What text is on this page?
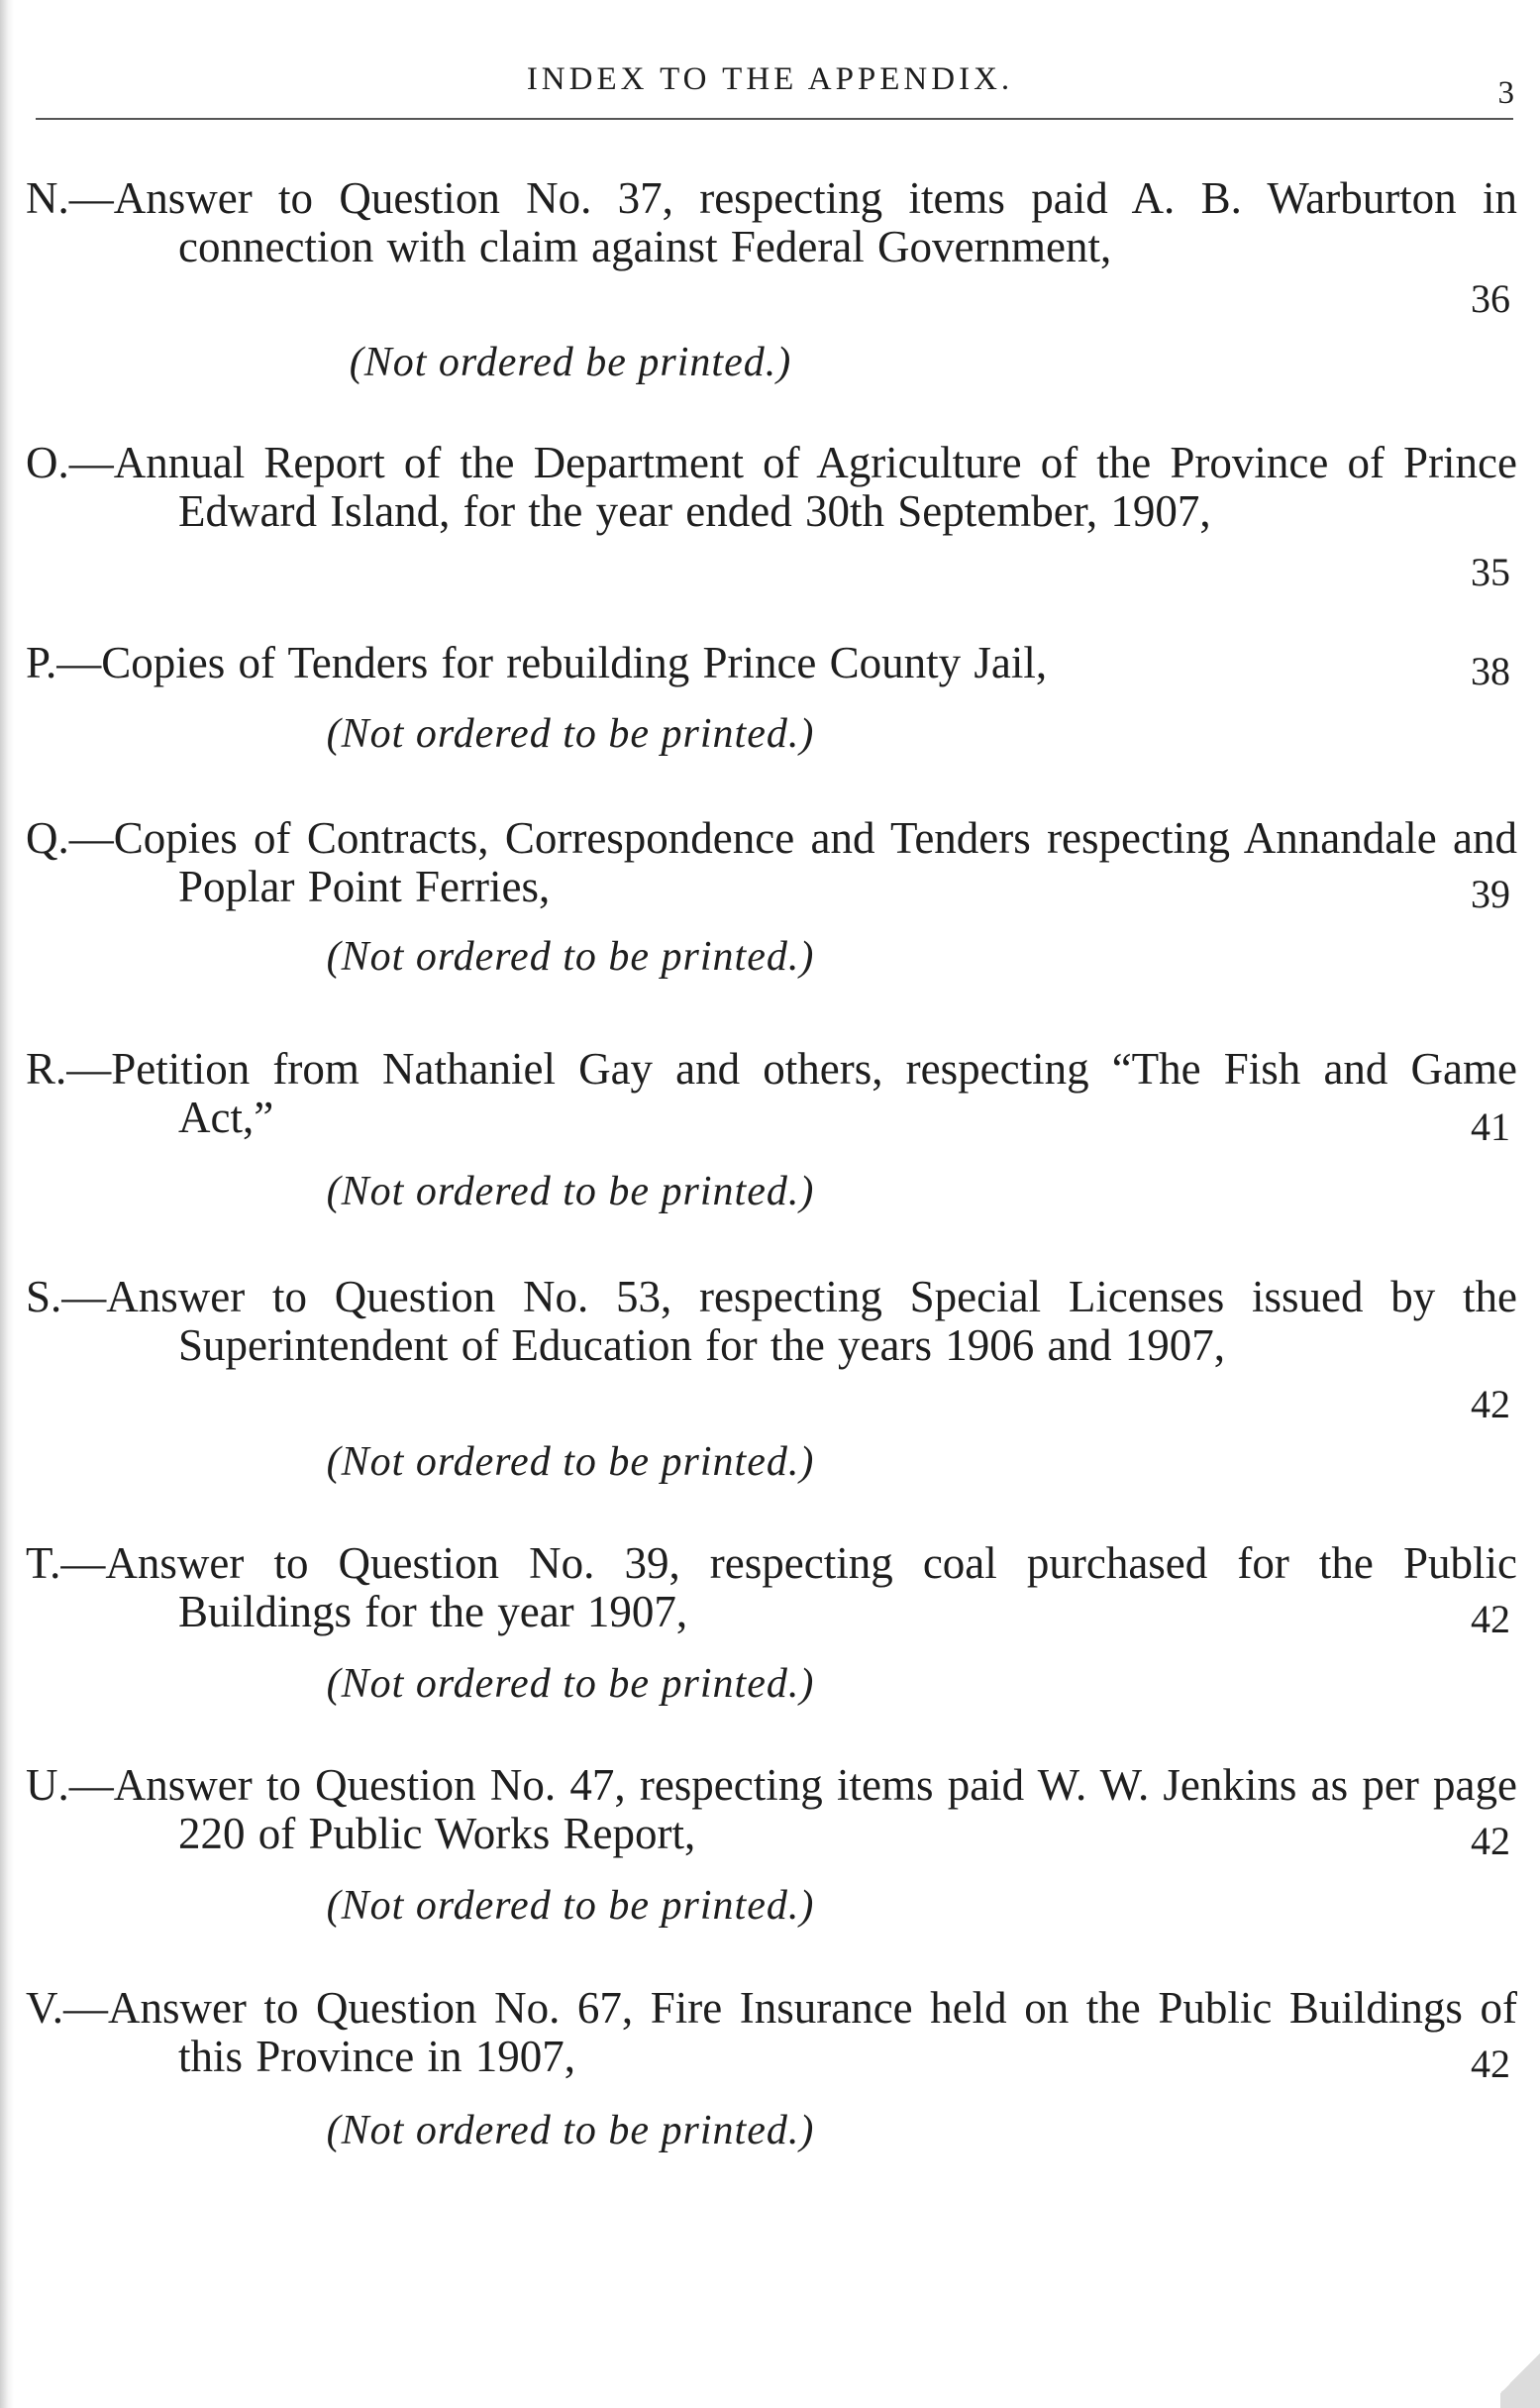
INDEX TO THE APPENDIX.	3
N.—Answer to Question No. 37, respecting items paid A. B. Warburton in connection with claim against Federal Government,
36
(Not ordered be printed.)
O.—Annual Report of the Department of Agriculture of the Province of Prince Edward Island, for the year ended 30th September, 1907,
35
P.—Copies of Tenders for rebuilding Prince County Jail,	38
(Not ordered to be printed.)
Q.—Copies of Contracts, Correspondence and Tenders respecting Annandale and Poplar Point Ferries,	39
(Not ordered to be printed.)
R.—Petition from Nathaniel Gay and others, respecting “The Fish and Game Act,”	41
(Not ordered to be printed.)
S.—Answer to Question No. 53, respecting Special Licenses issued by the Superintendent of Education for the years 1906 and 1907,
42
(Not ordered to be printed.)
T.—Answer to Question No. 39, respecting coal purchased for the Public Buildings for the year 1907,	42
(Not ordered to be printed.)
U.—Answer to Question No. 47, respecting items paid W. W. Jenkins as per page 220 of Public Works Report,	42
(Not ordered to be printed.)
V.—Answer to Question No. 67, Fire Insurance held on the Public Buildings of this Province in 1907,	42
(Not ordered to be printed.)
